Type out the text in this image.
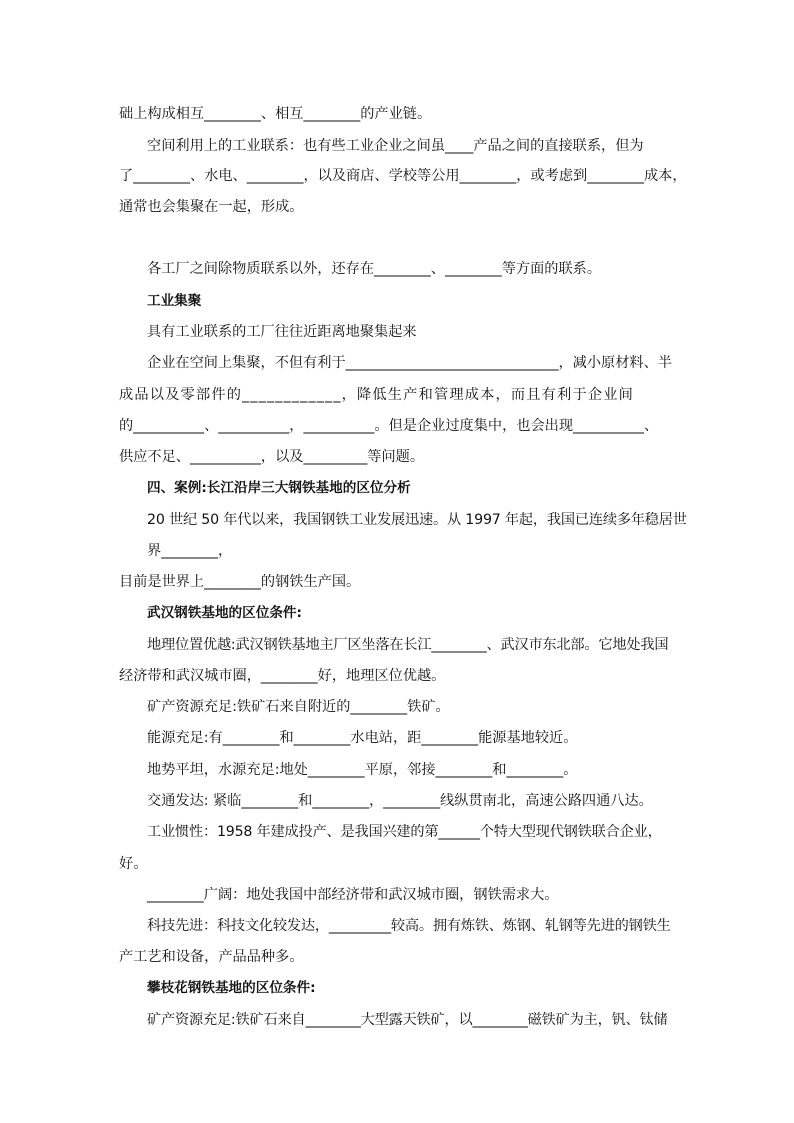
础上构成相互________、相互________的产业链。
空间利用上的工业联系：也有些工业企业之间虽____产品之间的直接联系，但为
了________、水电、________，以及商店、学校等公用________，或考虑到________成本，
通常也会集聚在一起，形成。
各工厂之间除物质联系以外，还存在________、________等方面的联系。
工业集聚
具有工业联系的工厂往往近距离地聚集起来
企业在空间上集聚，不但有利于______________________________，减小原材料、半
成品以及零部件的____________，降低生产和管理成本，而且有利于企业间
的__________、__________，__________。但是企业过度集中，也会出现__________、
供应不足、__________，以及_________等问题。
四、案例:长江沿岸三大钢铁基地的区位分析
20 世纪 50 年代以来，我国钢铁工业发展迅速。从 1997 年起，我国已连续多年稳居世
界________，
目前是世界上________的钢铁生产国。
武汉钢铁基地的区位条件:
地理位置优越:武汉钢铁基地主厂区坐落在长江________、武汉市东北部。它地处我国
经济带和武汉城市圈，________好，地理区位优越。
矿产资源充足:铁矿石来自附近的________铁矿。
能源充足:有________和________水电站，距________能源基地较近。
地势平坦，水源充足:地处________平原，邻接________和________。
交通发达: 紧临________和________，________线纵贯南北，高速公路四通八达。
工业惯性：1958 年建成投产、是我国兴建的第______个特大型现代钢铁联合企业，
好。
________广阔：地处我国中部经济带和武汉城市圈，钢铁需求大。
科技先进：科技文化较发达，_________较高。拥有炼铁、炼钢、轧钢等先进的钢铁生
产工艺和设备，产品品种多。
攀枝花钢铁基地的区位条件:
矿产资源充足:铁矿石来自________大型露天铁矿，以________磁铁矿为主，钒、钛储
